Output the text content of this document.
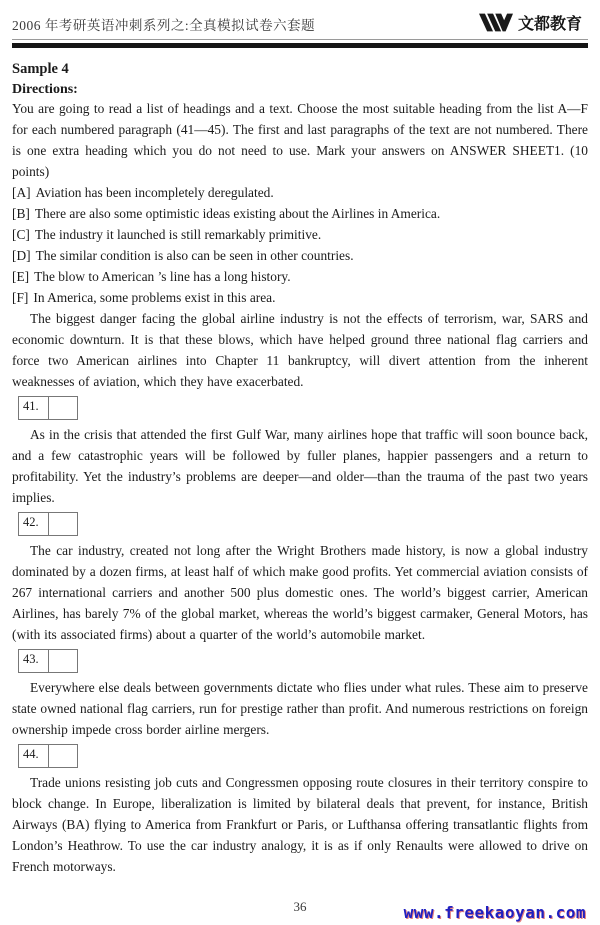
2006 年考研英语冲刺系列之:全真模拟试卷六套题	文都教育
Sample 4
Directions:
You are going to read a list of headings and a text. Choose the most suitable heading from the list A—F for each numbered paragraph (41—45). The first and last paragraphs of the text are not numbered. There is one extra heading which you do not need to use. Mark your answers on ANSWER SHEET1. (10 points)
[A] Aviation has been incompletely deregulated.
[B] There are also some optimistic ideas existing about the Airlines in America.
[C] The industry it launched is still remarkably primitive.
[D] The similar condition is also can be seen in other countries.
[E] The blow to American ’s line has a long history.
[F] In America, some problems exist in this area.
The biggest danger facing the global airline industry is not the effects of terrorism, war, SARS and economic downturn. It is that these blows, which have helped ground three national flag carriers and force two American airlines into Chapter 11 bankruptcy, will divert attention from the inherent weaknesses of aviation, which they have exacerbated.
41.
As in the crisis that attended the first Gulf War, many airlines hope that traffic will soon bounce back, and a few catastrophic years will be followed by fuller planes, happier passengers and a return to profitability. Yet the industry’s problems are deeper—and older—than the trauma of the past two years implies.
42.
The car industry, created not long after the Wright Brothers made history, is now a global industry dominated by a dozen firms, at least half of which make good profits. Yet commercial aviation consists of 267 international carriers and another 500 plus domestic ones. The world’s biggest carrier, American Airlines, has barely 7% of the global market, whereas the world’s biggest carmaker, General Motors, has (with its associated firms) about a quarter of the world’s automobile market.
43.
Everywhere else deals between governments dictate who flies under what rules. These aim to preserve state owned national flag carriers, run for prestige rather than profit. And numerous restrictions on foreign ownership impede cross border airline mergers.
44.
Trade unions resisting job cuts and Congressmen opposing route closures in their territory conspire to block change. In Europe, liberalization is limited by bilateral deals that prevent, for instance, British Airways (BA) flying to America from Frankfurt or Paris, or Lufthansa offering transatlantic flights from London’s Heathrow. To use the car industry analogy, it is as if only Renaults were allowed to drive on French motorways.
36	www.freekaoyan.com
